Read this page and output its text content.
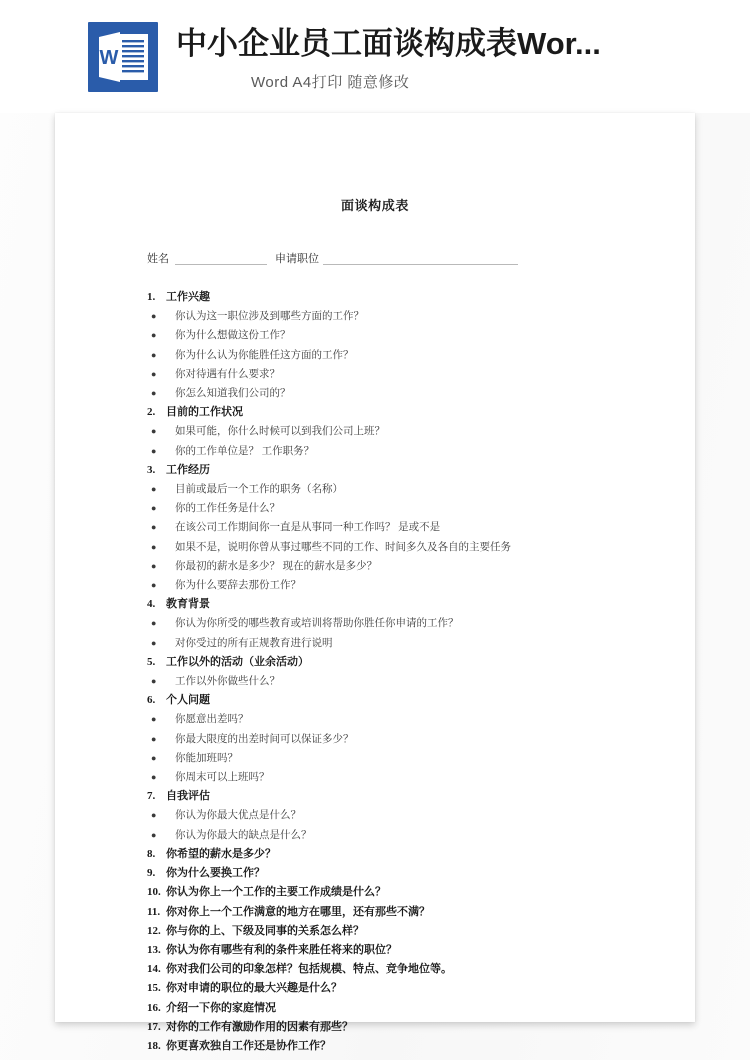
W 中小企业员工面谈构成表Wor...
Word A4打印 随意修改
面谈构成表
姓名	申请职位
1. 工作兴趣
● 你认为这一职位涉及到哪些方面的工作？
● 你为什么想做这份工作？
● 你为什么认为你能胜任这方面的工作？
● 你对待遇有什么要求？
● 你怎么知道我们公司的？
2. 目前的工作状况
● 如果可能，你什么时候可以到我们公司上班？
● 你的工作单位是？ 工作职务？
3. 工作经历
● 目前或最后一个工作的职务（名称）
● 你的工作任务是什么？
● 在该公司工作期间你一直是从事同一种工作吗？ 是或不是
● 如果不是，说明你曾从事过哪些不同的工作、时间多久及各自的主要任务
● 你最初的薪水是多少？ 现在的薪水是多少？
● 你为什么要辞去那份工作？
4. 教育背景
● 你认为你所受的哪些教育或培训将帮助你胜任你申请的工作？
● 对你受过的所有正规教育进行说明
5. 工作以外的活动（业余活动）
● 工作以外你做些什么？
6. 个人问题
● 你愿意出差吗？
● 你最大限度的出差时间可以保证多少？
● 你能加班吗？
● 你周末可以上班吗？
7. 自我评估
● 你认为你最大优点是什么？
● 你认为你最大的缺点是什么？
8. 你希望的薪水是多少？
9. 你为什么要换工作？
10. 你认为你上一个工作的主要工作成绩是什么？
11. 你对你上一个工作满意的地方在哪里，还有那些不满？
12. 你与你的上、下级及同事的关系怎么样？
13. 你认为你有哪些有利的条件来胜任将来的职位？
14. 你对我们公司的印象怎样？包括规模、特点、竞争地位等。
15. 你对申请的职位的最大兴趣是什么？
16. 介绍一下你的家庭情况
17. 对你的工作有激励作用的因素有那些？
18. 你更喜欢独自工作还是协作工作？
